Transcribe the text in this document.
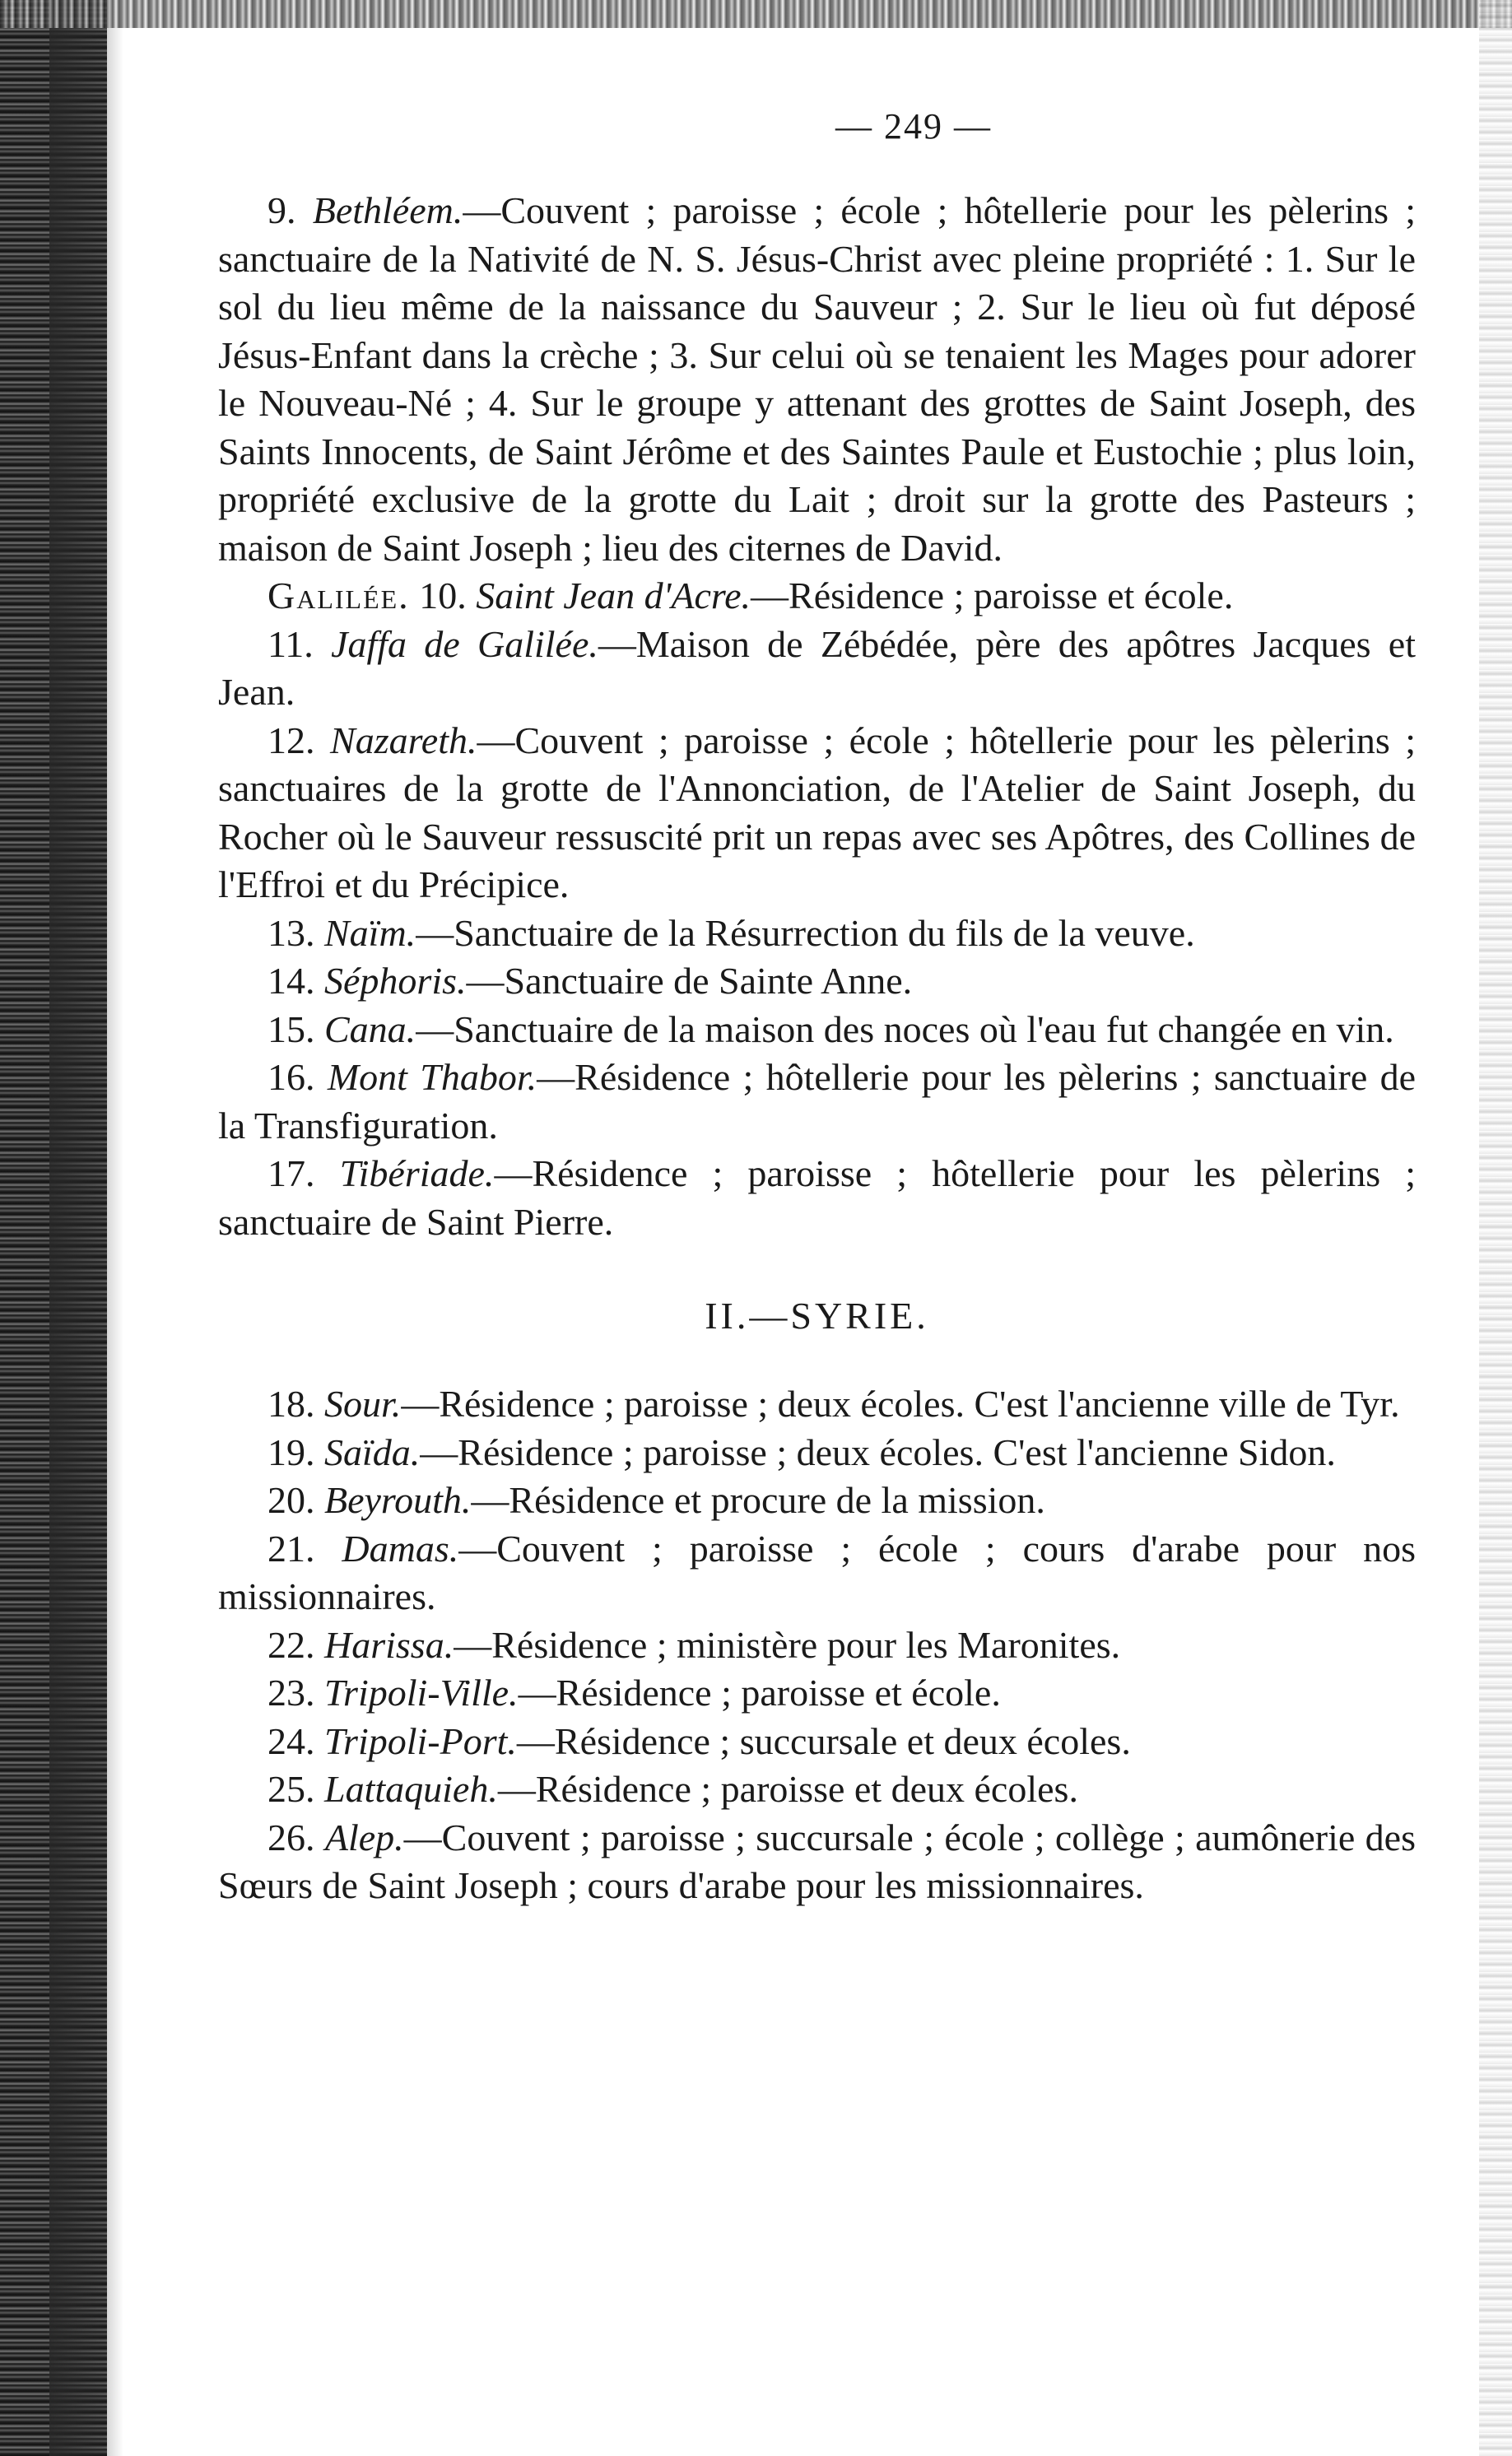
— 249 —

9. Bethléem.—Couvent ; paroisse ; école ; hôtellerie pour les pèlerins ; sanctuaire de la Nativité de N. S. Jésus-Christ avec pleine propriété : 1. Sur le sol du lieu même de la naissance du Sauveur ; 2. Sur le lieu où fut déposé Jésus-Enfant dans la crèche ; 3. Sur celui où se tenaient les Mages pour adorer le Nouveau-Né ; 4. Sur le groupe y attenant des grottes de Saint Joseph, des Saints Innocents, de Saint Jérôme et des Saintes Paule et Eustochie ; plus loin, propriété exclusive de la grotte du Lait ; droit sur la grotte des Pasteurs ; maison de Saint Joseph ; lieu des citernes de David.

Galilée. 10. Saint Jean d'Acre.—Résidence ; paroisse et école.

11. Jaffa de Galilée.—Maison de Zébédée, père des apôtres Jacques et Jean.

12. Nazareth.—Couvent ; paroisse ; école ; hôtellerie pour les pèlerins ; sanctuaires de la grotte de l'Annonciation, de l'Atelier de Saint Joseph, du Rocher où le Sauveur ressuscité prit un repas avec ses Apôtres, des Collines de l'Effroi et du Précipice.

13. Naïm.—Sanctuaire de la Résurrection du fils de la veuve.

14. Séphoris.—Sanctuaire de Sainte Anne.

15. Cana.—Sanctuaire de la maison des noces où l'eau fut changée en vin.

16. Mont Thabor.—Résidence ; hôtellerie pour les pèlerins ; sanctuaire de la Transfiguration.

17. Tibériade.—Résidence ; paroisse ; hôtellerie pour les pèlerins ; sanctuaire de Saint Pierre.

II.—SYRIE.

18. Sour.—Résidence ; paroisse ; deux écoles. C'est l'ancienne ville de Tyr.

19. Saïda.—Résidence ; paroisse ; deux écoles. C'est l'ancienne Sidon.

20. Beyrouth.—Résidence et procure de la mission.

21. Damas.—Couvent ; paroisse ; école ; cours d'arabe pour nos missionnaires.

22. Harissa.—Résidence ; ministère pour les Maronites.

23. Tripoli-Ville.—Résidence ; paroisse et école.

24. Tripoli-Port.—Résidence ; succursale et deux écoles.

25. Lattaquieh.—Résidence ; paroisse et deux écoles.

26. Alep.—Couvent ; paroisse ; succursale ; école ; collège ; aumônerie des Sœurs de Saint Joseph ; cours d'arabe pour les missionnaires.
